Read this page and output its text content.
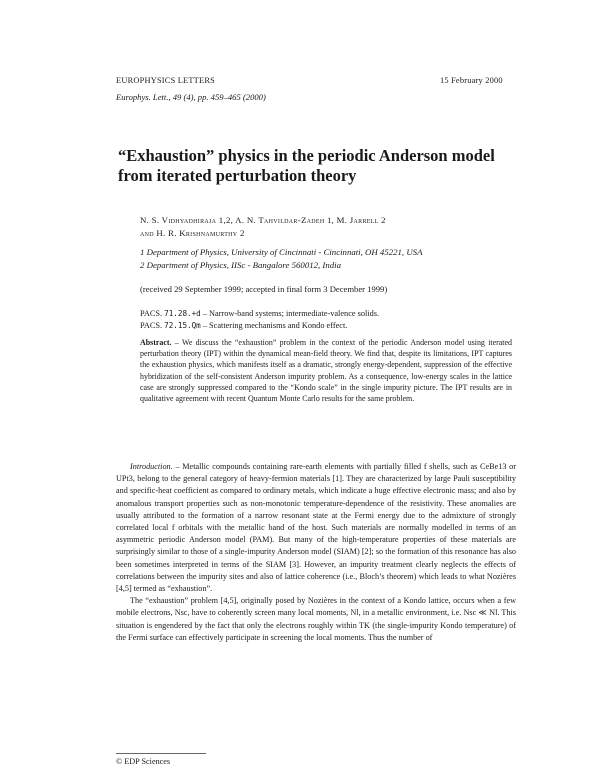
EUROPHYSICS LETTERS	15 February 2000
Europhys. Lett., 49 (4), pp. 459–465 (2000)
“Exhaustion” physics in the periodic Anderson model
from iterated perturbation theory
N. S. Vidhyadhiraja 1,2, A. N. Tahvildar-Zadeh 1, M. Jarrell 2
and H. R. Krishnamurthy 2
1 Department of Physics, University of Cincinnati - Cincinnati, OH 45221, USA
2 Department of Physics, IISc - Bangalore 560012, India
(received 29 September 1999; accepted in final form 3 December 1999)
PACS. 71.28.+d – Narrow-band systems; intermediate-valence solids.
PACS. 72.15.Qm – Scattering mechanisms and Kondo effect.

Abstract. – We discuss the “exhaustion” problem in the context of the periodic Anderson model using iterated perturbation theory (IPT) within the dynamical mean-field theory. We find that, despite its limitations, IPT captures the exhaustion physics, which manifests itself as a dramatic, strongly energy-dependent, suppression of the effective hybridization of the self-consistent Anderson impurity problem. As a consequence, low-energy scales in the lattice case are strongly suppressed compared to the “Kondo scale” in the single impurity picture. The IPT results are in qualitative agreement with recent Quantum Monte Carlo results for the same problem.

Introduction. – Metallic compounds containing rare-earth elements with partially filled f shells, such as CeBe13 or UPt3, belong to the general category of heavy-fermion materials [1]. They are characterized by large Pauli susceptibility and specific-heat coefficient as compared to ordinary metals, which indicate a huge effective electronic mass; and also by anomalous transport properties such as non-monotonic temperature-dependence of the resistivity. These anomalies are usually attributed to the formation of a narrow resonant state at the Fermi energy due to the admixture of strongly correlated local f orbitals with the metallic band of the host. Such materials are normally modelled in terms of an asymmetric periodic Anderson model (PAM). But many of the high-temperature properties of these materials are surprisingly similar to those of a single-impurity Anderson model (SIAM) [2]; so the formation of this resonance has also been sometimes interpreted in terms of the SIAM [3]. However, an impurity treatment clearly neglects the effects of correlations between the impurity sites and also of lattice coherence (i.e., Bloch’s theorem) which leads to what Nozières [4,5] termed as “exhaustion”.

The “exhaustion” problem [4,5], originally posed by Nozières in the context of a Kondo lattice, occurs when a few mobile electrons, Nsc, have to coherently screen many local moments, Nl, in a metallic environment, i.e. Nsc ≪ Nl. This situation is engendered by the fact that only the electrons roughly within TK (the single-impurity Kondo temperature) of the Fermi surface can effectively participate in screening the local moments. Thus the number of

© EDP Sciences
